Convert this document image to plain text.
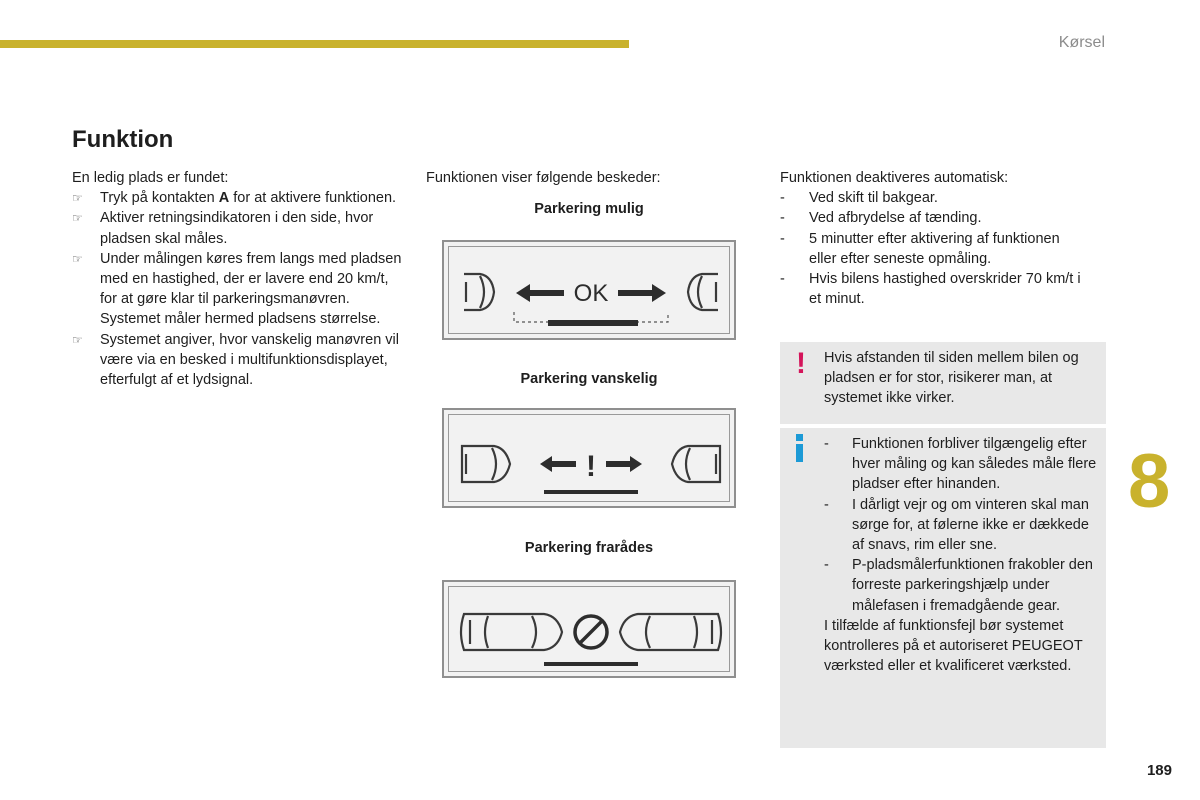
Kørsel
Funktion

En ledig plads er fundet:

☞ Tryk på kontakten A for at aktivere funktionen.
☞ Aktiver retningsindikatoren i den side, hvor pladsen skal måles.
☞ Under målingen køres frem langs med pladsen med en hastighed, der er lavere end 20 km/t, for at gøre klar til parkeringsmanøvren.
Systemet måler hermed pladsens størrelse.
☞ Systemet angiver, hvor vanskelig manøvren vil være via en besked i multifunktionsdisplayet, efterfulgt af et lydsignal.

Funktionen viser følgende beskeder:

Parkering mulig
OK
Parkering vanskelig
!
Parkering frarådes

Funktionen deaktiveres automatisk:

- Ved skift til bakgear.
- Ved afbrydelse af tænding.
- 5 minutter efter aktivering af funktionen eller efter seneste opmåling.
- Hvis bilens hastighed overskrider 70 km/t i et minut.
! Hvis afstanden til siden mellem bilen og pladsen er for stor, risikerer man, at systemet ikke virker.
- Funktionen forbliver tilgængelig efter hver måling og kan således måle flere pladser efter hinanden.
- I dårligt vejr og om vinteren skal man sørge for, at følerne ikke er dækkede af snavs, rim eller sne.
- P-pladsmålerfunktionen frakobler den forreste parkeringshjælp under målefasen i fremadgående gear.

I tilfælde af funktionsfejl bør systemet kontrolleres på et autoriseret PEUGEOT værksted eller et kvalificeret værksted.

8
189
